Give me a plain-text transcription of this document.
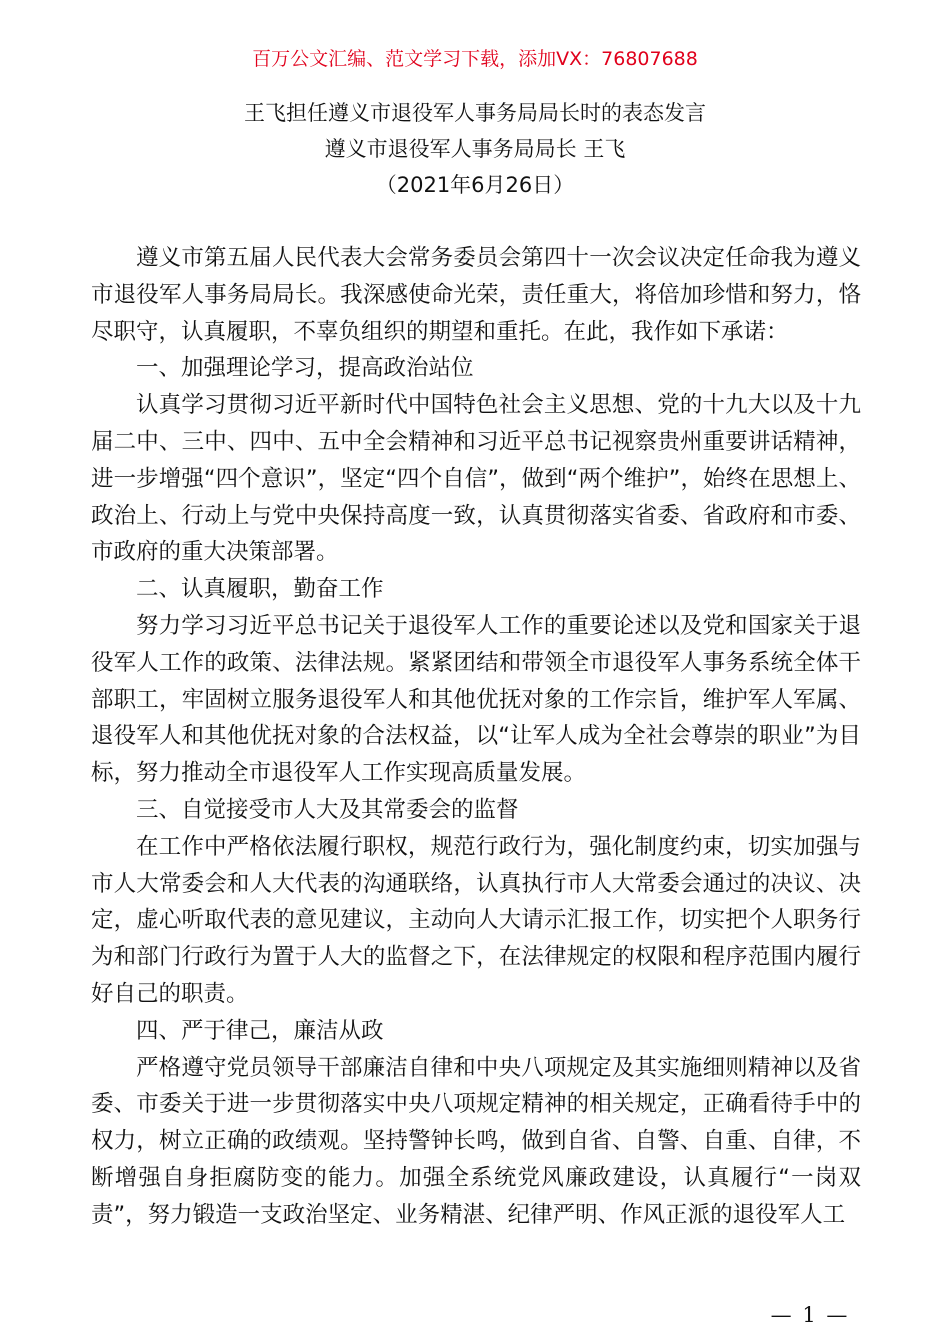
百万公文汇编、范文学习下载，添加VX：76807688
王飞担任遵义市退役军人事务局局长时的表态发言
遵义市退役军人事务局局长 王飞
（2021年6月26日）

遵义市第五届人民代表大会常务委员会第四十一次会议决定任命我为遵义市退役军人事务局局长。我深感使命光荣，责任重大，将倍加珍惜和努力，恪尽职守，认真履职，不辜负组织的期望和重托。在此，我作如下承诺：

一、加强理论学习，提高政治站位

认真学习贯彻习近平新时代中国特色社会主义思想、党的十九大以及十九届二中、三中、四中、五中全会精神和习近平总书记视察贵州重要讲话精神，进一步增强“四个意识”，坚定“四个自信”，做到“两个维护”，始终在思想上、政治上、行动上与党中央保持高度一致，认真贯彻落实省委、省政府和市委、市政府的重大决策部署。

二、认真履职，勤奋工作

努力学习习近平总书记关于退役军人工作的重要论述以及党和国家关于退役军人工作的政策、法律法规。紧紧团结和带领全市退役军人事务系统全体干部职工，牢固树立服务退役军人和其他优抚对象的工作宗旨，维护军人军属、退役军人和其他优抚对象的合法权益，以“让军人成为全社会尊崇的职业”为目标，努力推动全市退役军人工作实现高质量发展。

三、自觉接受市人大及其常委会的监督

在工作中严格依法履行职权，规范行政行为，强化制度约束，切实加强与市人大常委会和人大代表的沟通联络，认真执行市人大常委会通过的决议、决定，虚心听取代表的意见建议，主动向人大请示汇报工作，切实把个人职务行为和部门行政行为置于人大的监督之下，在法律规定的权限和程序范围内履行好自己的职责。

四、严于律己，廉洁从政

严格遵守党员领导干部廉洁自律和中央八项规定及其实施细则精神以及省委、市委关于进一步贯彻落实中央八项规定精神的相关规定，正确看待手中的权力，树立正确的政绩观。坚持警钟长鸣，做到自省、自警、自重、自律，不断增强自身拒腐防变的能力。加强全系统党风廉政建设，认真履行“一岗双责”，努力锻造一支政治坚定、业务精湛、纪律严明、作风正派的退役军人工

— 1 —
